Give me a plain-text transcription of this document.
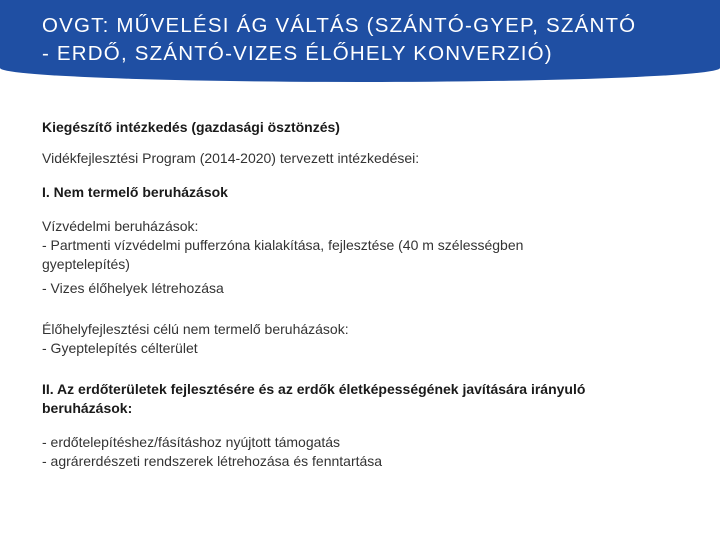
OVGT: MŰVELÉSI ÁG VÁLTÁS (SZÁNTÓ-GYEP, SZÁNTÓ
- ERDŐ, SZÁNTÓ-VIZES ÉLŐHELY KONVERZIÓ)

Kiegészítő intézkedés (gazdasági ösztönzés)

Vidékfejlesztési Program (2014-2020) tervezett intézkedései:

I. Nem termelő beruházások

Vízvédelmi beruházások:

- Partmenti vízvédelmi pufferzóna kialakítása, fejlesztése (40 m szélességben

gyeptelepítés)

- Vizes élőhelyek létrehozása

Élőhelyfejlesztési célú nem termelő beruházások:

- Gyeptelepítés célterület

II. Az erdőterületek fejlesztésére és az erdők életképességének javítására irányuló

beruházások:

- erdőtelepítéshez/fásításhoz nyújtott támogatás

- agrárerdészeti rendszerek létrehozása és fenntartása
